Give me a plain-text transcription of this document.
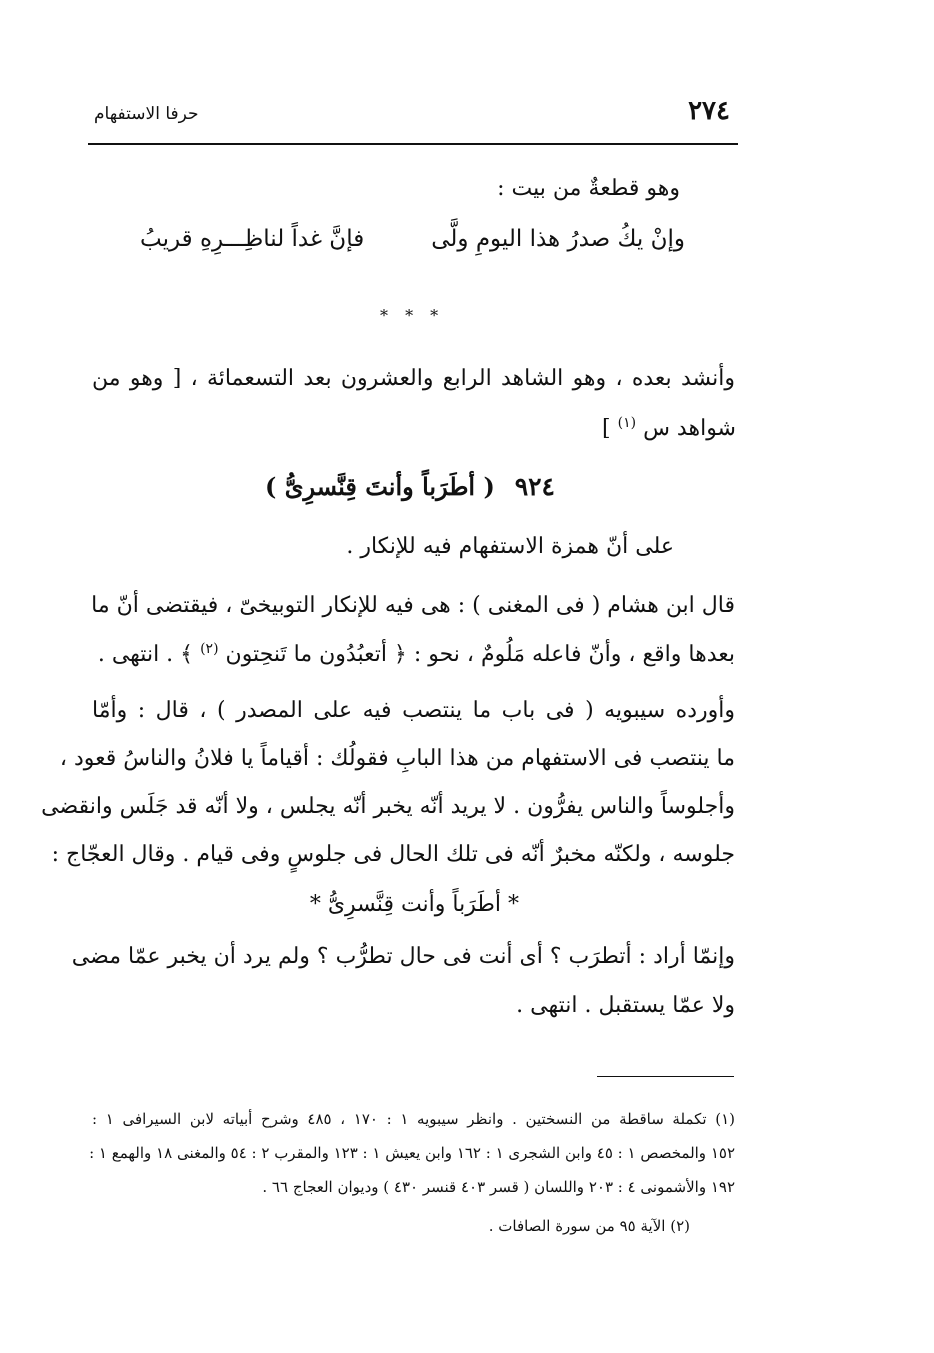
٢٧٤
حرفا الاستفهام
وهو قطعةٌ من بيت :
وإنْ يكُ صدرُ هذا اليومِ ولَّى
فإنَّ غداً لناظِـــرِهِ قريبُ
* * *
وأنشد بعده ، وهو الشاهد الرابع والعشرون بعد التسعمائة ، [ وهو من
شواهد س $^{(١)}$ ]
٩٢٤
( أطَرَباً وأنتَ قِنَّسرِىُّ )
على أنّ همزة الاستفهام فيه للإنكار .
قال ابن هشام ( فى المغنى ) : هى فيه للإنكار التوبيخىّ ، فيقتضى أنّ ما
بعدها واقع ، وأنّ فاعله مَلُومٌ ، نحو : ﴿ أتعبُدُون ما تَنحِتون $^{(٢)}$ ﴾ . انتهى .
وأورده سيبويه ( فى باب ما ينتصب فيه على المصدر ) ، قال : وأمّا
ما ينتصب فى الاستفهام من هذا البابِ فقولُك : أقياماً يا فلانُ والناسُ قعود ،
وأجلوساً والناس يفرُّون . لا يريد أنّه يخبر أنّه يجلس ، ولا أنّه قد جَلَس وانقضى
جلوسه ، ولكنّه مخبرٌ أنّه فى تلك الحال فى جلوسٍ وفى قيام . وقال العجّاج :
* أطَرَباً وأنت قِنَّسرِىُّ *
وإنمّا أراد : أتطرَب ؟ أى أنت فى حال تطرُّب ؟ ولم يرد أن يخبر عمّا مضى
ولا عمّا يستقبل . انتهى .
(١) تكملة ساقطة من النسختين . وانظر سيبويه ١ : ١٧٠ ، ٤٨٥ وشرح أبياته لابن السيرافى ١ :
١٥٢ والمخصص ١ : ٤٥ وابن الشجرى ١ : ١٦٢ وابن يعيش ١ : ١٢٣ والمقرب ٢ : ٥٤ والمغنى ١٨ والهمع ١ :
١٩٢ والأشمونى ٤ : ٢٠٣ واللسان ( قسر ٤٠٣ قنسر ٤٣٠ ) وديوان العجاج ٦٦ .
(٢) الآية ٩٥ من سورة الصافات .
